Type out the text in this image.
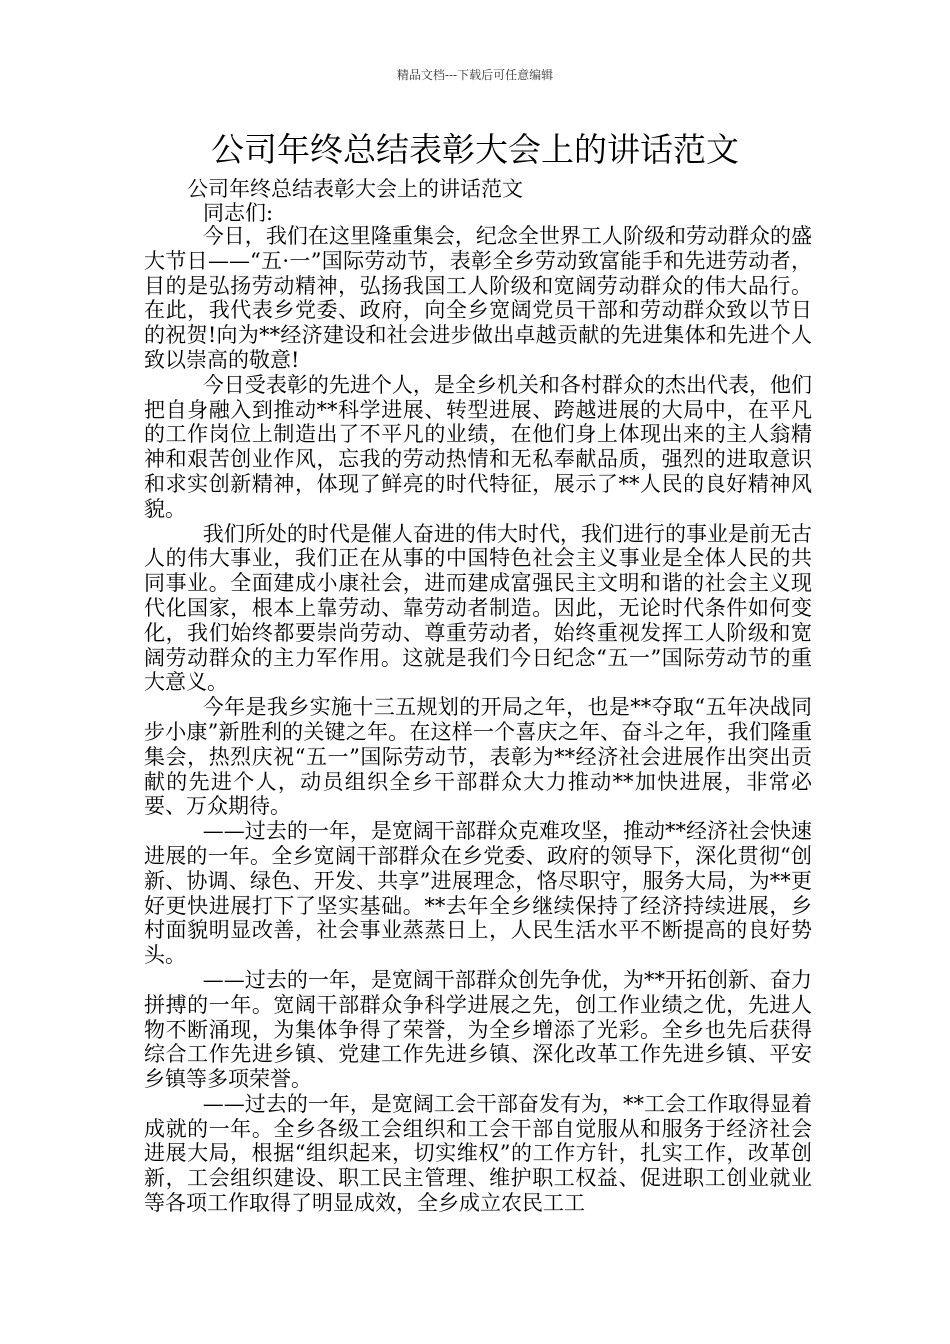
精品文档---下载后可任意编辑
公司年终总结表彰大会上的讲话范文
公司年终总结表彰大会上的讲话范文
同志们:

今日，我们在这里隆重集会，纪念全世界工人阶级和劳动群众的盛大节日——“五·一”国际劳动节，表彰全乡劳动致富能手和先进劳动者，目的是弘扬劳动精神，弘扬我国工人阶级和宽阔劳动群众的伟大品行。在此，我代表乡党委、政府，向全乡宽阔党员干部和劳动群众致以节日的祝贺!向为**经济建设和社会进步做出卓越贡献的先进集体和先进个人致以崇高的敬意!

今日受表彰的先进个人，是全乡机关和各村群众的杰出代表，他们把自身融入到推动**科学进展、转型进展、跨越进展的大局中，在平凡的工作岗位上制造出了不平凡的业绩，在他们身上体现出来的主人翁精神和艰苦创业作风，忘我的劳动热情和无私奉献品质，强烈的进取意识和求实创新精神，体现了鲜亮的时代特征，展示了**人民的良好精神风貌。

我们所处的时代是催人奋进的伟大时代，我们进行的事业是前无古人的伟大事业，我们正在从事的中国特色社会主义事业是全体人民的共同事业。全面建成小康社会，进而建成富强民主文明和谐的社会主义现代化国家，根本上靠劳动、靠劳动者制造。因此，无论时代条件如何变化，我们始终都要崇尚劳动、尊重劳动者，始终重视发挥工人阶级和宽阔劳动群众的主力军作用。这就是我们今日纪念“五一”国际劳动节的重大意义。

今年是我乡实施十三五规划的开局之年，也是**夺取“五年决战同步小康”新胜利的关键之年。在这样一个喜庆之年、奋斗之年，我们隆重集会，热烈庆祝“五一”国际劳动节，表彰为**经济社会进展作出突出贡献的先进个人，动员组织全乡干部群众大力推动**加快进展，非常必要、万众期待。

——过去的一年，是宽阔干部群众克难攻坚，推动**经济社会快速进展的一年。全乡宽阔干部群众在乡党委、政府的领导下，深化贯彻“创新、协调、绿色、开发、共享”进展理念，恪尽职守，服务大局，为**更好更快进展打下了坚实基础。**去年全乡继续保持了经济持续进展，乡村面貌明显改善，社会事业蒸蒸日上，人民生活水平不断提高的良好势头。

——过去的一年，是宽阔干部群众创先争优，为**开拓创新、奋力拼搏的一年。宽阔干部群众争科学进展之先，创工作业绩之优，先进人物不断涌现，为集体争得了荣誉，为全乡增添了光彩。全乡也先后获得综合工作先进乡镇、党建工作先进乡镇、深化改革工作先进乡镇、平安乡镇等多项荣誉。

——过去的一年，是宽阔工会干部奋发有为，**工会工作取得显着成就的一年。全乡各级工会组织和工会干部自觉服从和服务于经济社会进展大局，根据“组织起来，切实维权”的工作方针，扎实工作，改革创新，工会组织建设、职工民主管理、维护职工权益、促进职工创业就业等各项工作取得了明显成效，全乡成立农民工工
